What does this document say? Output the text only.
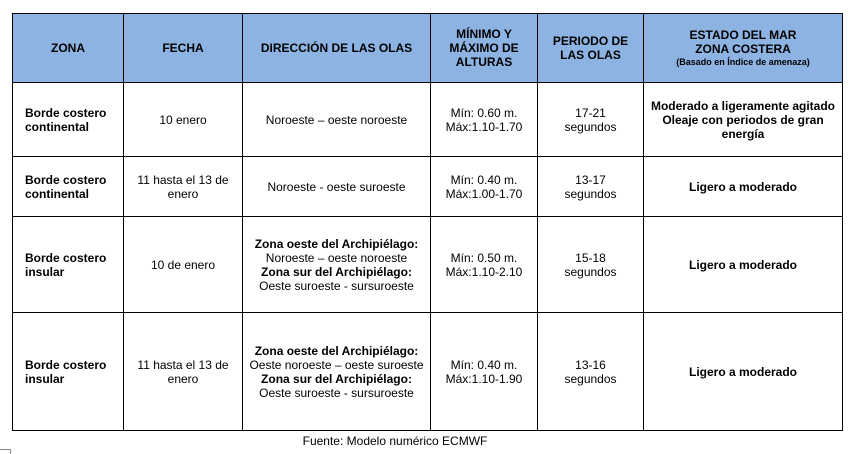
ZONA	FECHA	DIRECCIÓN DE LAS OLAS	MÍNIMO Y
MÁXIMO DE
ALTURAS	PERIODO DE
LAS OLAS	ESTADO DEL MAR
ZONA COSTERA
(Basado en Índice de amenaza)

Borde costero
continental	10 enero	Noroeste – oeste noroeste	Mín: 0.60 m.
Máx:1.10-1.70	17-21
segundos	Moderado a ligeramente agitado
Oleaje con periodos de gran
energía

Borde costero
continental	11 hasta el 13 de
enero	Noroeste - oeste suroeste	Mín: 0.40 m.
Máx:1.00-1.70	13-17
segundos	Ligero a moderado

Borde costero
insular	10 de enero	Zona oeste del Archipiélago:
Noroeste – oeste noroeste
Zona sur del Archipiélago:
Oeste suroeste - sursuroeste	Mín: 0.50 m.
Máx:1.10-2.10	15-18
segundos	Ligero a moderado

Borde costero
insular	11 hasta el 13 de
enero	Zona oeste del Archipiélago:
Oeste noroeste – oeste suroeste
Zona sur del Archipiélago:
Oeste suroeste - sursuroeste	Mín: 0.40 m.
Máx:1.10-1.90	13-16
segundos	Ligero a moderado
Fuente: Modelo numérico ECMWF
